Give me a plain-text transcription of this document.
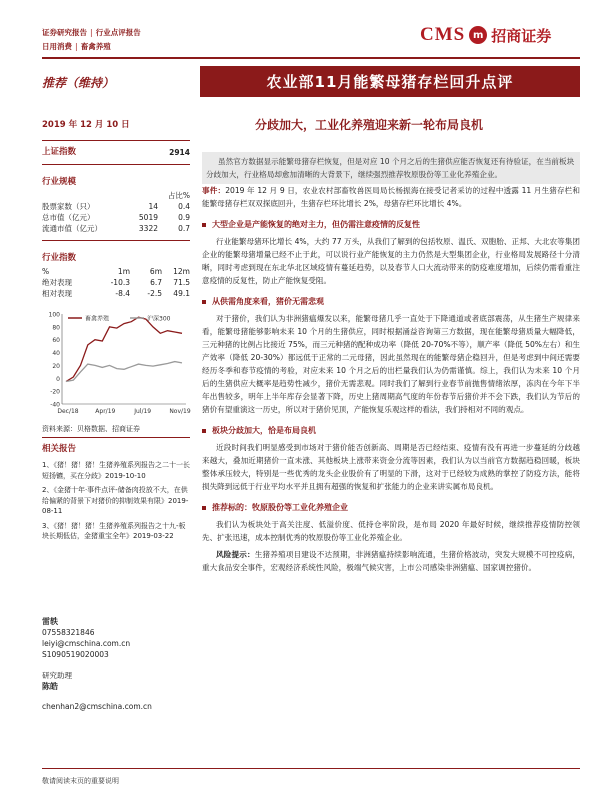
证券研究报告 | 行业点评报告
日用消费 | 畜禽养殖
CMS m 招商证券
推荐（维持）	农业部11月能繁母猪存栏回升点评
2019 年 12 月 10 日	分歧加大，工业化养殖迎来新一轮布局良机
上证指数	2914
行业规模
占比%
股票家数（只）	14	0.4
总市值（亿元）	5019	0.9
流通市值（亿元）	3322	0.7
行业指数
%	1m	6m	12m
绝对表现	-10.3	6.7	71.5
相对表现	-8.4	-2.5	49.1
100
80
60
40
20
0
-20
-40
Dec/18	Apr/19	Jul/19	Nov/19
畜禽养殖	沪深300
资料来源：贝格数据、招商证券
相关报告
1、《猪！猪！猪！生猪养殖系列报告之二十一长短扬镳，买在分歧》2019-10-10
2、《金猪十年·事件点评-储备肉投放不大，在供给偏紧的背景下对猪价的抑制效果有限》2019-08-11
3、《猪！猪！猪！生猪养殖系列报告之十九-板块长期低估，金猪重宝全年》2019-03-22
雷轶
07558321846
leiyi@cmschina.com.cn
S1090519020003
研究助理
陈皓
chenhan2@cmschina.com.cn
虽然官方数据显示能繁母猪存栏恢复，但是对应 10 个月之后的生猪供应能否恢复还有待验证，在当前板块分歧加大，行业格局却愈加清晰的大背景下，继续强烈推荐牧原股份等工业化养殖企业。
事件：2019 年 12 月 9 日，农业农村部畜牧兽医局局长杨振海在接受记者采访的过程中透露 11 月生猪存栏和能繁母猪存栏双双探底回升，生猪存栏环比增长 2%，母猪存栏环比增长 4%。
大型企业是产能恢复的绝对主力，但仍需注意疫情的反复性
行业能繁母猪环比增长 4%，大约 77 万头，从我们了解到的包括牧原、温氏、双胞胎、正邦、大北农等集团企业的能繁母猪增量已经不止于此，可以说行业产能恢复的主力仍然是大型集团企业，行业格局发展路径十分清晰，同时考虑到现在东北华北区域疫情有蔓延趋势，以及春节人口大流动带来的防疫难度增加，后续仍需看重注意疫情的反复性，防止产能恢复受阻。
从供需角度来看，猪价无需悲观
对于猪价，我们认为非洲猪瘟爆发以来，能繁母猪几乎一直处于下降通道或者底部震荡，从生猪生产规律来看，能繁母猪能够影响未来 10 个月的生猪供应，同时根据涌益咨询第三方数据，现在能繁母猪质量大幅降低，三元种猪的比例占比接近 75%，而三元种猪的配种成功率（降低 20-70%不等），顺产率（降低 50%左右）和生产效率（降低 20-30%）都远低于正常的二元母猪，因此虽然现在的能繁母猪企稳回升，但是考虑到中间还需要经历冬季和春节疫情的考验，对应未来 10 个月之后的出栏量我们认为仍需谨慎。综上，我们认为未来 10 个月后的生猪供应大概率是趋势性减少，猪价无需悲观。同时我们了解到行业春节前抛售情绪浓厚，冻肉在今年下半年出售较多，明年上半年库存会显著下降，历史上猪周期高气度的年份春节后猪价并不会下跌，我们认为节后的猪价有望重演这一历史，所以对于猪价见顶，产能恢复乐观这样的看法，我们持相对不同的观点。
板块分歧加大，恰是布局良机
近段时间我们明显感受到市场对于猪价能否创新高、周期是否已经结束、疫情有没有再进一步蔓延的分歧越来越大，叠加近期猪价一直未涨、其他板块上涨带来资金分流等因素，我们认为以当前官方数据趋稳回暖，板块整体承压较大，特别是一些优秀的龙头企业股价有了明显的下滑，这对于已经较为成熟的掌控了防疫方法，能将损失降到远低于行业平均水平并且拥有超强的恢复和扩张能力的企业来讲实属布局良机。
推荐标的：牧原股份等工业化养殖企业
我们认为板块处于高关注度、低溢价度、低持仓率阶段，是布局 2020 年最好时候，继续推荐疫情防控领先、扩张迅速，成本控制优秀的牧原股份等工业化养殖企业。
风险提示：生猪养殖项目建设不达预期，非洲猪瘟持续影响流通，生猪价格波动，突发大规模不可控疫病，重大食品安全事件，宏观经济系统性风险，极端气候灾害，上市公司感染非洲猪瘟、国家调控猪价。
敬请阅读末页的重要说明
